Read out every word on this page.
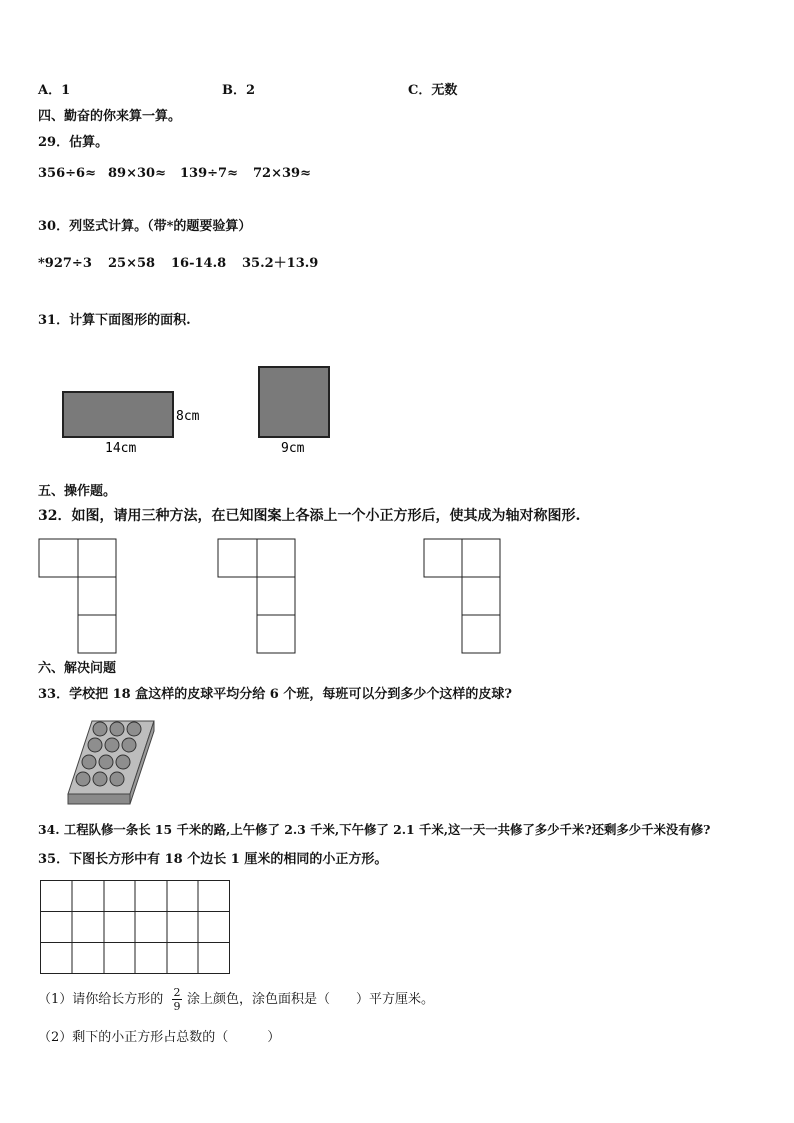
A．1	B．2	C．无数
四、勤奋的你来算一算。
29．估算。
356÷6≈ 89×30≈ 139÷7≈ 72×39≈
30．列竖式计算。（带*的题要验算）
*927÷3 25×58 16-14.8 35.2＋13.9
31．计算下面图形的面积.
8cm
14cm	9cm
五、操作题。
32．如图，请用三种方法，在已知图案上各添上一个小正方形后，使其成为轴对称图形.
六、解决问题
33．学校把 18 盒这样的皮球平均分给 6 个班，每班可以分到多少个这样的皮球?
34. 工程队修一条长 15 千米的路,上午修了 2.3 千米,下午修了 2.1 千米,这一天一共修了多少千米?还剩多少千米没有修?
35．下图长方形中有 18 个边长 1 厘米的相同的小正方形。
（1）请你给长方形的 2
9 涂上颜色，涂色面积是（　　）平方厘米。
（2）剩下的小正方形占总数的（　　　）
